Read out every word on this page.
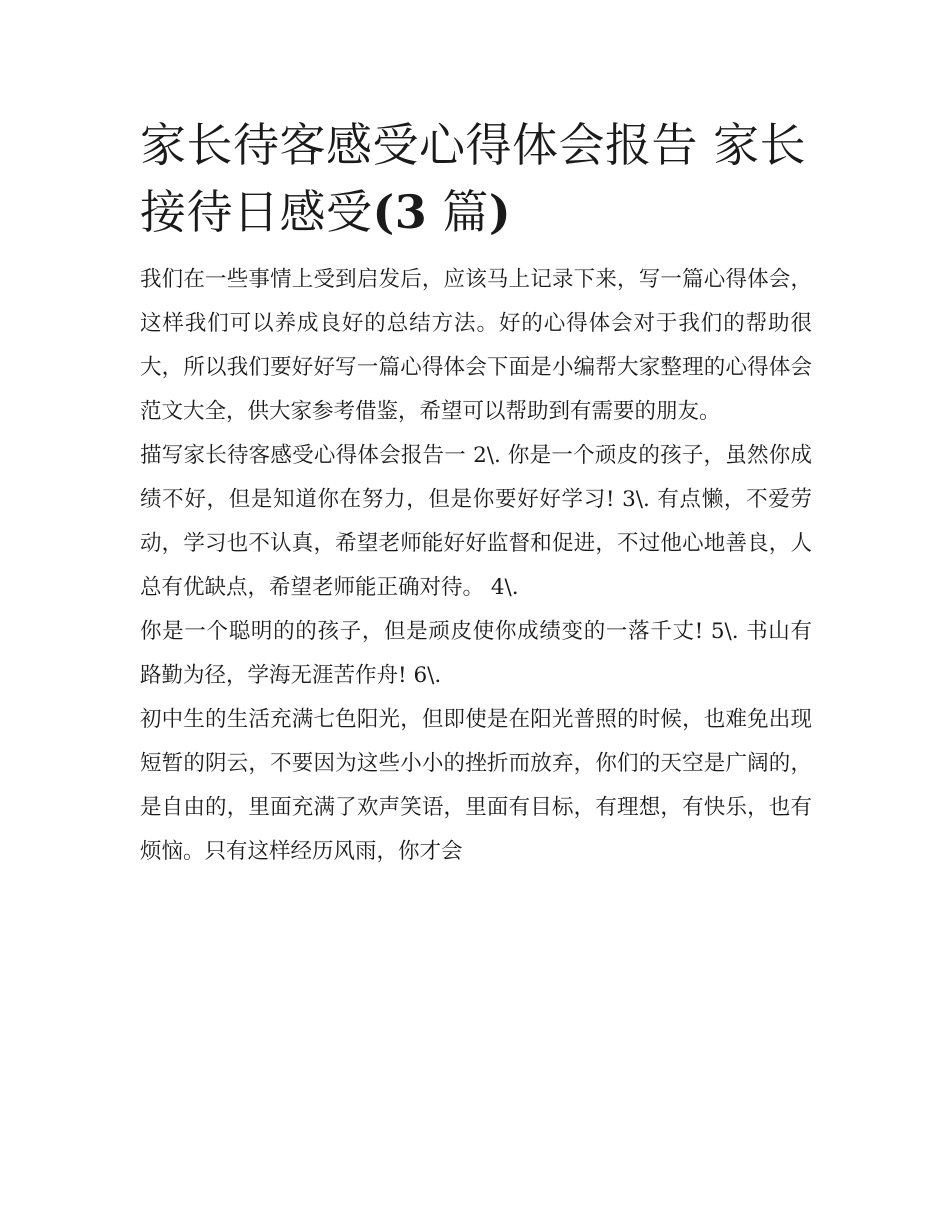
家长待客感受心得体会报告 家长接待日感受(3 篇)

我们在一些事情上受到启发后，应该马上记录下来，写一篇心得体会，这样我们可以养成良好的总结方法。好的心得体会对于我们的帮助很大，所以我们要好好写一篇心得体会下面是小编帮大家整理的心得体会范文大全，供大家参考借鉴，希望可以帮助到有需要的朋友。

描写家长待客感受心得体会报告一 2\. 你是一个顽皮的孩子，虽然你成绩不好，但是知道你在努力，但是你要好好学习! 3\. 有点懒，不爱劳动，学习也不认真，希望老师能好好监督和促进，不过他心地善良，人总有优缺点，希望老师能正确对待。 4\.

你是一个聪明的的孩子，但是顽皮使你成绩变的一落千丈! 5\. 书山有路勤为径，学海无涯苦作舟! 6\.

初中生的生活充满七色阳光，但即使是在阳光普照的时候，也难免出现短暂的阴云，不要因为这些小小的挫折而放弃，你们的天空是广阔的，是自由的，里面充满了欢声笑语，里面有目标，有理想，有快乐，也有烦恼。只有这样经历风雨，你才会
